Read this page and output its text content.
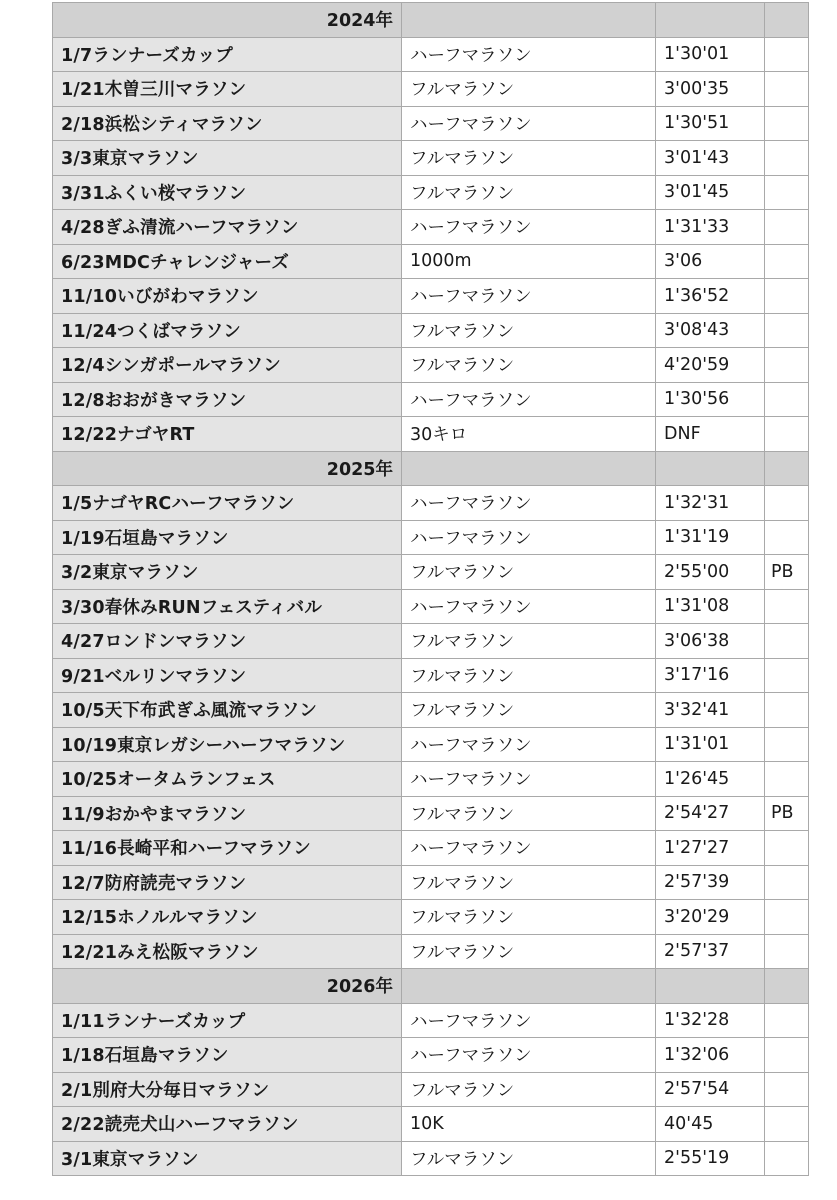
2024年			
1/7ランナーズカップ	ハーフマラソン	1'30'01	
1/21木曽三川マラソン	フルマラソン	3'00'35	
2/18浜松シティマラソン	ハーフマラソン	1'30'51	
3/3東京マラソン	フルマラソン	3'01'43	
3/31ふくい桜マラソン	フルマラソン	3'01'45	
4/28ぎふ清流ハーフマラソン	ハーフマラソン	1'31'33	
6/23MDCチャレンジャーズ	1000m	3'06	
11/10いびがわマラソン	ハーフマラソン	1'36'52	
11/24つくばマラソン	フルマラソン	3'08'43	
12/4シンガポールマラソン	フルマラソン	4'20'59	
12/8おおがきマラソン	ハーフマラソン	1'30'56	
12/22ナゴヤRT	30キロ	DNF	
2025年			
1/5ナゴヤRCハーフマラソン	ハーフマラソン	1'32'31	
1/19石垣島マラソン	ハーフマラソン	1'31'19	
3/2東京マラソン	フルマラソン	2'55'00	PB
3/30春休みRUNフェスティバル	ハーフマラソン	1'31'08	
4/27ロンドンマラソン	フルマラソン	3'06'38	
9/21ベルリンマラソン	フルマラソン	3'17'16	
10/5天下布武ぎふ風流マラソン	フルマラソン	3'32'41	
10/19東京レガシーハーフマラソン	ハーフマラソン	1'31'01	
10/25オータムランフェス	ハーフマラソン	1'26'45	
11/9おかやまマラソン	フルマラソン	2'54'27	PB
11/16長崎平和ハーフマラソン	ハーフマラソン	1'27'27	
12/7防府読売マラソン	フルマラソン	2'57'39	
12/15ホノルルマラソン	フルマラソン	3'20'29	
12/21みえ松阪マラソン	フルマラソン	2'57'37	
2026年			
1/11ランナーズカップ	ハーフマラソン	1'32'28	
1/18石垣島マラソン	ハーフマラソン	1'32'06	
2/1別府大分毎日マラソン	フルマラソン	2'57'54	
2/22読売犬山ハーフマラソン	10K	40'45	
3/1東京マラソン	フルマラソン	2'55'19	
